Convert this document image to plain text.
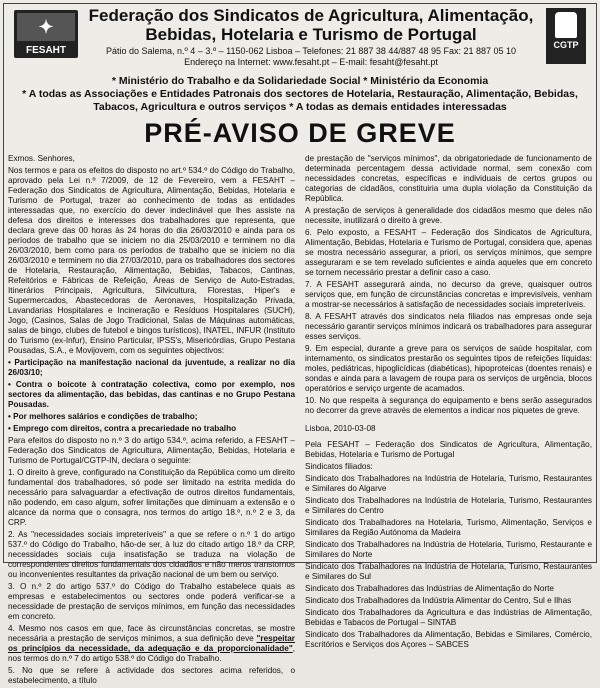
✦
FESAHT
Federação dos Sindicatos de Agricultura, Alimentação,
Bebidas, Hotelaria e Turismo de Portugal
Pátio do Salema, n.º 4 – 3.º – 1150-062 Lisboa – Telefones: 21 887 38 44/887 48 95 Fax: 21 887 05 10
Endereço na Internet: www.fesaht.pt – E-mail: fesaht@fesaht.pt
CGTP
* Ministério do Trabalho e da Solidariedade Social * Ministério da Economia
* A todas as Associações e Entidades Patronais dos sectores de Hotelaria, Restauração, Alimentação, Bebidas,
Tabacos, Agricultura e outros serviços * A todas as demais entidades interessadas
PRÉ-AVISO DE GREVE

Exmos. Senhores,

Nos termos e para os efeitos do disposto no art.º 534.º do Código do Trabalho, aprovado pela Lei n.º 7/2009, de 12 de Fevereiro, vem a FESAHT – Federação dos Sindicatos de Agricultura, Alimentação, Bebidas, Hotelaria e Turismo de Portugal, trazer ao conhecimento de todas as entidades interessadas que, no exercício do dever indeclinável que lhes assiste na defesa dos direitos e interesses dos trabalhadores que representa, que declara greve das 00 horas às 24 horas do dia 26/03/2010 e ainda para os períodos de trabalho que se iniciem no dia 25/03/2010 e terminem no dia 26/03/2010, bem como para os períodos de trabalho que se iniciem no dia 26/03/2010 e terminem no dia 27/03/2010, para os trabalhadores dos sectores de Hotelaria, Restauração, Alimentação, Bebidas, Tabacos, Cantinas, Refeitórios e Fábricas de Refeição, Áreas de Serviço de Auto-Estradas, Itinerários Principais, Agricultura, Silvicultura, Florestas, Hiper's e Supermercados, Abastecedoras de Aeronaves, Hospitalização Privada, Lavandarias Hospitalares e Incineração e Resíduos Hospitalares (SUCH), Jogo, (Casinos, Salas de Jogo Tradicional, Salas de Máquinas automáticas, salas de bingo, clubes de futebol e bingos turísticos), INATEL, INFUR (Instituto do Turismo (ex-Infur), Ensino Particular, IPSS's, Misericórdias, Grupo Pestana Pousadas, S.A., e Movijovem, com os seguintes objectivos:

• Participação na manifestação nacional da juventude, a realizar no dia 26/03/10;

• Contra o boicote à contratação colectiva, como por exemplo, nos sectores da alimentação, das bebidas, das cantinas e no Grupo Pestana Pousadas.

• Por melhores salários e condições de trabalho;

• Emprego com direitos, contra a precariedade no trabalho

Para efeitos do disposto no n.º 3 do artigo 534.º, acima referido, a FESAHT – Federação dos Sindicatos de Agricultura, Alimentação, Bebidas, Hotelaria e Turismo de Portugal/CGTP-IN, declara o seguinte:

1. O direito à greve, configurado na Constituição da República como um direito fundamental dos trabalhadores, só pode ser limitado na estrita medida do necessário para salvaguardar a efectivação de outros direitos fundamentais, não podendo, em caso algum, sofrer limitações que diminuam a extensão e o alcance da norma que o consagra, nos termos do artigo 18.º, n.º 2 e 3, da CRP.

2. As "necessidades sociais impreteríveis" a que se refere o n.º 1 do artigo 537.º do Código do Trabalho, hão-de ser, à luz do citado artigo 18.º da CRP, necessidades sociais cuja insatisfação se traduza na violação de correspondentes direitos fundamentais dos cidadãos e não meros transtornos ou inconvenientes resultantes da privação nacional de um bem ou serviço.

3. O n.º 2 do artigo 537.º do Código do Trabalho estabelece quais as empresas e estabelecimentos ou sectores onde poderá verificar-se a necessidade de prestação de serviços mínimos, em função das necessidades em concreto.

4. Mesmo nos casos em que, face às circunstâncias concretas, se mostre necessária a prestação de serviços mínimos, a sua definição deve "respeitar os princípios da necessidade, da adequação e da proporcionalidade", nos termos do n.º 7 do artigo 538.º do Código do Trabalho.

5. No que se refere à actividade dos sectores acima referidos, o estabelecimento, a título

de prestação de "serviços mínimos", da obrigatoriedade de funcionamento de determinada percentagem dessa actividade normal, sem conexão com necessidades concretas, específicas e individuais de certos grupos ou categorias de cidadãos, constituiria uma dupla violação da Constituição da República.

A prestação de serviços à generalidade dos cidadãos mesmo que deles não necessite, inutilizará o direito à greve.

6. Pelo exposto, a FESAHT – Federação dos Sindicatos de Agricultura, Alimentação, Bebidas, Hotelaria e Turismo de Portugal, considera que, apenas se mostra necessário assegurar, a priori, os serviços mínimos, que sempre asseguraram e se tem revelado suficientes e ainda aqueles que em concreto se tornem necessário prestar a definir caso a caso.

7. A FESAHT assegurará ainda, no decurso da greve, quaisquer outros serviços que, em função de circunstâncias concretas e imprevisíveis, venham a mostrar-se necessários à satisfação de necessidades sociais impreteríveis.

8. A FESAHT através dos sindicatos nela filiados nas empresas onde seja necessário garantir serviços mínimos indicará os trabalhadores para assegurar esses serviços.

9. Em especial, durante a greve para os serviços de saúde hospitalar, com internamento, os sindicatos prestarão os seguintes tipos de refeições líquidas: moles, pediátricas, hipoglicídicas (diabéticas), hipoproteicas (doentes renais) e sondas e ainda para a lavagem de roupa para os serviços de urgência, blocos operatórios e serviço urgente de acamados.

10. No que respeita à segurança do equipamento e bens serão assegurados no decorrer da greve através de elementos a indicar nos piquetes de greve.

Lisboa, 2010-03-08

Pela FESAHT – Federação dos Sindicatos de Agricultura, Alimentação, Bebidas, Hotelaria e Turismo de Portugal

Sindicatos filiados:

Sindicato dos Trabalhadores na Indústria de Hotelaria, Turismo, Restaurantes e Similares do Algarve

Sindicato dos Trabalhadores na Indústria de Hotelaria, Turismo, Restaurantes e Similares do Centro

Sindicato dos Trabalhadores na Hotelaria, Turismo, Alimentação, Serviços e Similares da Região Autónoma da Madeira

Sindicato dos Trabalhadores na Indústria de Hotelaria, Turismo, Restaurante e Similares do Norte

Sindicato dos Trabalhadores na Indústria de Hotelaria, Turismo, Restaurantes e Similares do Sul

Sindicato dos Trabalhadores das Indústrias de Alimentação do Norte

Sindicato dos Trabalhadores da Indústria Alimentar do Centro, Sul e Ilhas

Sindicato dos Trabalhadores da Agricultura e das Indústrias de Alimentação, Bebidas e Tabacos de Portugal – SINTAB

Sindicato dos Trabalhadores da Alimentação, Bebidas e Similares, Comércio, Escritórios e Serviços dos Açores – SABCES
